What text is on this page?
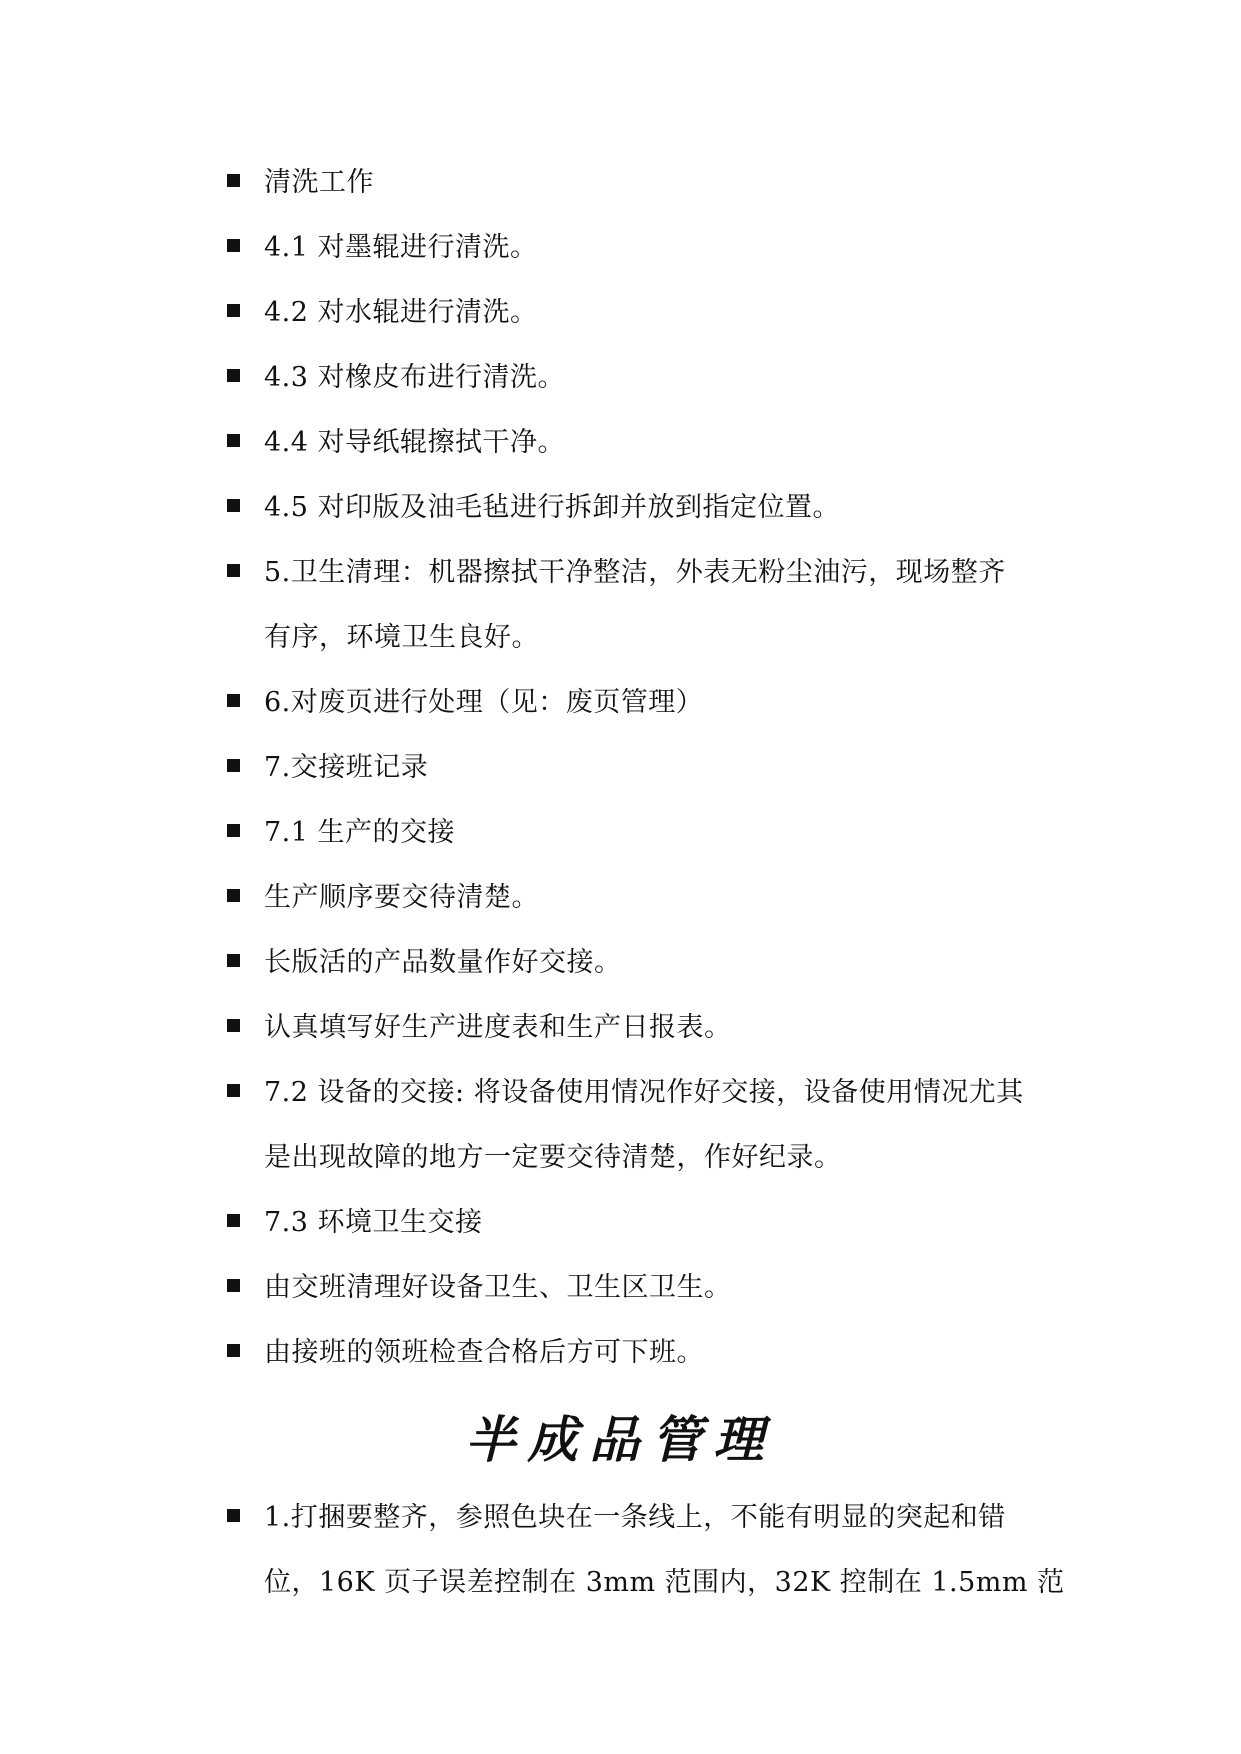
清洗工作
4.1 对墨辊进行清洗。
4.2 对水辊进行清洗。
4.3 对橡皮布进行清洗。
4.4 对导纸辊擦拭干净。
4.5 对印版及油毛毡进行拆卸并放到指定位置。
5.卫生清理：机器擦拭干净整洁，外表无粉尘油污，现场整齐
有序，环境卫生良好。
6.对废页进行处理（见：废页管理）
7.交接班记录
7.1 生产的交接
生产顺序要交待清楚。
长版活的产品数量作好交接。
认真填写好生产进度表和生产日报表。
7.2 设备的交接: 将设备使用情况作好交接，设备使用情况尤其
是出现故障的地方一定要交待清楚，作好纪录。
7.3 环境卫生交接
由交班清理好设备卫生、卫生区卫生。
由接班的领班检查合格后方可下班。
半成品管理
1.打捆要整齐，参照色块在一条线上，不能有明显的突起和错
位，16K 页子误差控制在 3mm 范围内，32K 控制在 1.5mm 范
